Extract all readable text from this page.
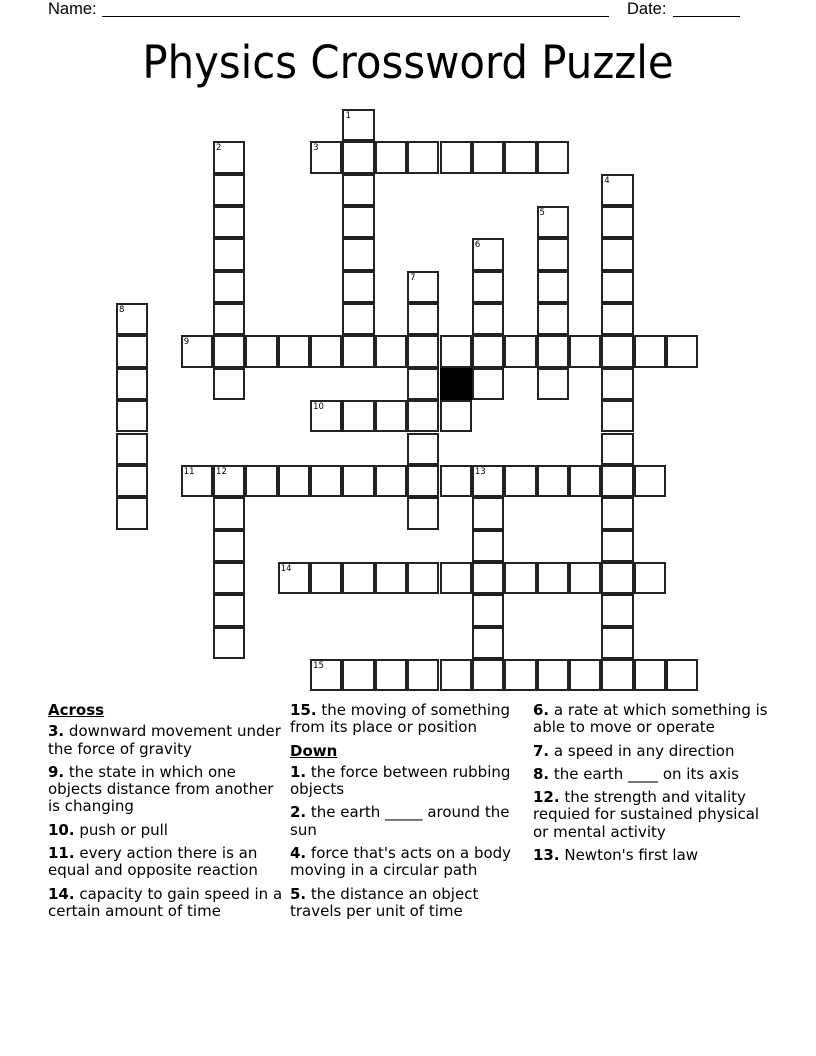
Name:	Date:
Physics Crossword Puzzle
1
2	3
4
5
6
7
8
9
10
11	12	13
14
15
Across
3. downward movement under the force of gravity
9. the state in which one objects distance from another is changing
10. push or pull
11. every action there is an equal and opposite reaction
14. capacity to gain speed in a certain amount of time
15. the moving of something from its place or position
Down
1. the force between rubbing objects
2. the earth _____ around the sun
4. force that's acts on a body moving in a circular path
5. the distance an object travels per unit of time
6. a rate at which something is able to move or operate
7. a speed in any direction
8. the earth ____ on its axis
12. the strength and vitality requied for sustained physical or mental activity
13. Newton's first law
